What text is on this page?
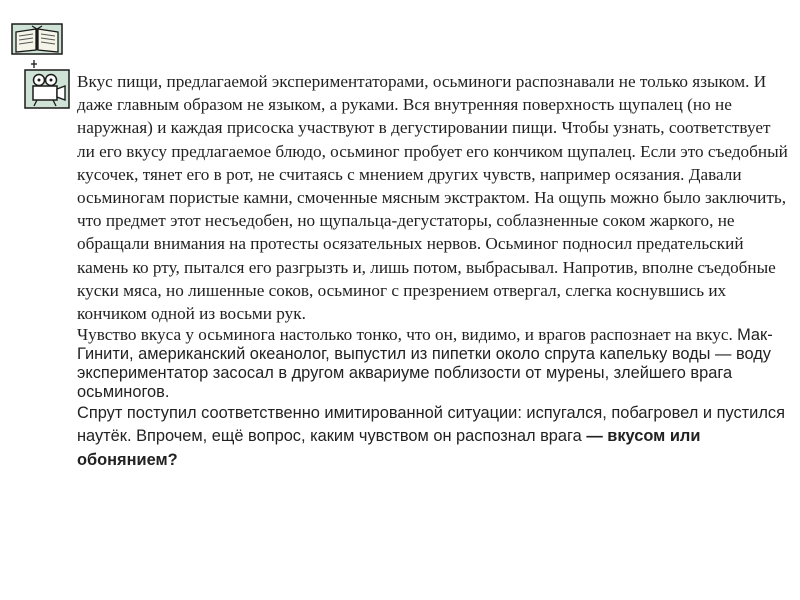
Вкус пищи, предлагаемой экспериментаторами, осьминоги распознавали не только языком. И даже главным образом не языком, а руками. Вся внутренняя поверхность щупалец (но не наружная) и каждая присоска участвуют в дегустировании пищи. Чтобы узнать, соответствует ли его вкусу предлагаемое блюдо, осьминог пробует его кончиком щупалец. Если это съедобный кусочек, тянет его в рот, не считаясь с мнением других чувств, например осязания. Давали осьминогам пористые камни, смоченные мясным экстрактом. На ощупь можно было заключить, что предмет этот несъедобен, но щупальца-дегустаторы, соблазненные соком жаркого, не обращали внимания на протесты осязательных нервов. Осьминог подносил предательский камень ко рту, пытался его разгрызть и, лишь потом, выбрасывал. Напротив, вполне съедобные куски мяса, но лишенные соков, осьминог с презрением отвергал, слегка коснувшись их кончиком одной из восьми рук.

Чувство вкуса у осьминога настолько тонко, что он, видимо, и врагов распознает на вкус. Мак-Гинити, американский океанолог, выпустил из пипетки около спрута капельку воды — воду экспериментатор засосал в другом аквариуме поблизости от мурены, злейшего врага осьминогов.

Спрут поступил соответственно имитированной ситуации: испугался, побагровел и пустился наутёк. Впрочем, ещё вопрос, каким чувством он распознал врага — вкусом или обонянием?
